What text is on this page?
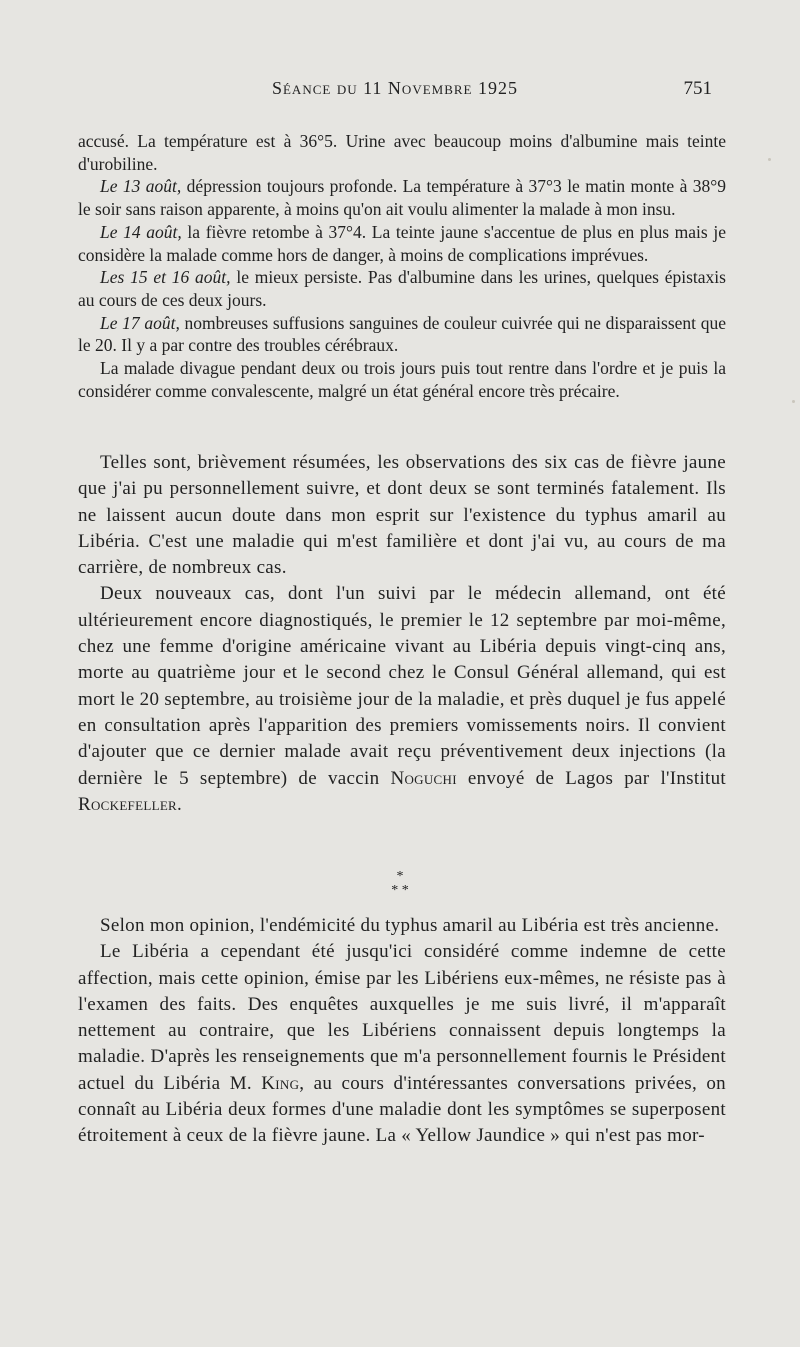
Séance du 11 Novembre 1925	751

accusé. La température est à 36°5. Urine avec beaucoup moins d'albumine mais teinte d'urobiline.

Le 13 août, dépression toujours profonde. La température à 37°3 le matin monte à 38°9 le soir sans raison apparente, à moins qu'on ait voulu alimenter la malade à mon insu.

Le 14 août, la fièvre retombe à 37°4. La teinte jaune s'accentue de plus en plus mais je considère la malade comme hors de danger, à moins de complications imprévues.

Les 15 et 16 août, le mieux persiste. Pas d'albumine dans les urines, quelques épistaxis au cours de ces deux jours.

Le 17 août, nombreuses suffusions sanguines de couleur cuivrée qui ne disparaissent que le 20. Il y a par contre des troubles cérébraux.

La malade divague pendant deux ou trois jours puis tout rentre dans l'ordre et je puis la considérer comme convalescente, malgré un état général encore très précaire.

Telles sont, brièvement résumées, les observations des six cas de fièvre jaune que j'ai pu personnellement suivre, et dont deux se sont terminés fatalement. Ils ne laissent aucun doute dans mon esprit sur l'existence du typhus amaril au Libéria. C'est une maladie qui m'est familière et dont j'ai vu, au cours de ma carrière, de nombreux cas.

Deux nouveaux cas, dont l'un suivi par le médecin allemand, ont été ultérieurement encore diagnostiqués, le premier le 12 septembre par moi-même, chez une femme d'origine américaine vivant au Libéria depuis vingt-cinq ans, morte au quatrième jour et le second chez le Consul Général allemand, qui est mort le 20 septembre, au troisième jour de la maladie, et près duquel je fus appelé en consultation après l'apparition des premiers vomissements noirs. Il convient d'ajouter que ce dernier malade avait reçu préventivement deux injections (la dernière le 5 septembre) de vaccin Noguchi envoyé de Lagos par l'Institut Rockefeller.

*
* *

Selon mon opinion, l'endémicité du typhus amaril au Libéria est très ancienne.

Le Libéria a cependant été jusqu'ici considéré comme indemne de cette affection, mais cette opinion, émise par les Libériens eux-mêmes, ne résiste pas à l'examen des faits. Des enquêtes auxquelles je me suis livré, il m'apparaît nettement au contraire, que les Libériens connaissent depuis longtemps la maladie. D'après les renseignements que m'a personnellement fournis le Président actuel du Libéria M. King, au cours d'intéressantes conversations privées, on connaît au Libéria deux formes d'une maladie dont les symptômes se superposent étroitement à ceux de la fièvre jaune. La « Yellow Jaundice » qui n'est pas mor-
